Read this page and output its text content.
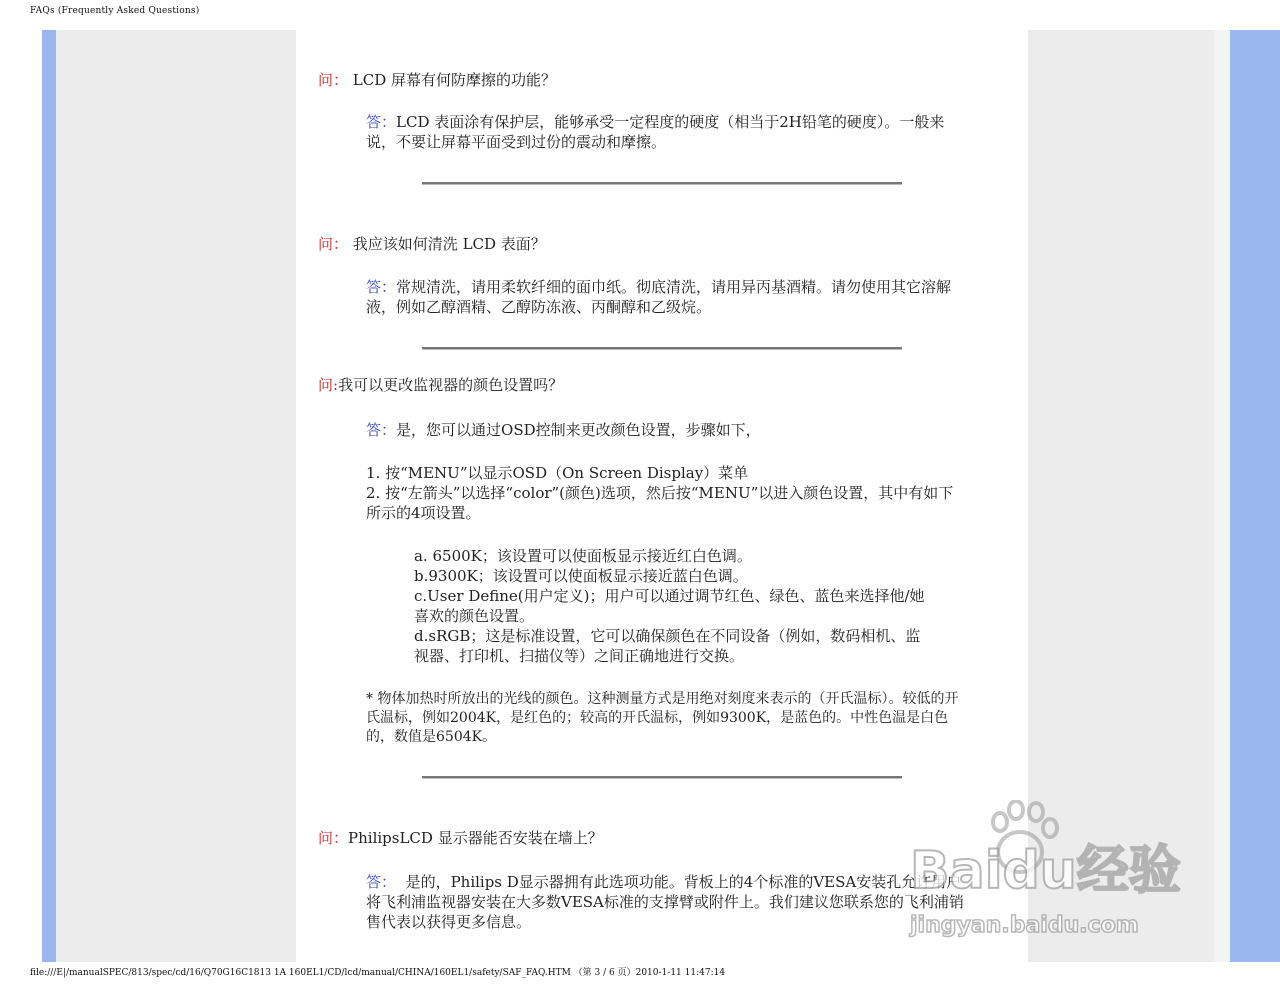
FAQs (Frequently Asked Questions)
问： LCD 屏幕有何防摩擦的功能？
答：LCD 表面涂有保护层，能够承受一定程度的硬度（相当于2H铅笔的硬度）。一般来说，不要让屏幕平面受到过份的震动和摩擦。
问： 我应该如何清洗 LCD 表面？
答：常规清洗，请用柔软纤细的面巾纸。彻底清洗，请用异丙基酒精。请勿使用其它溶解液，例如乙醇酒精、乙醇防冻液、丙酮醇和乙级烷。
问:我可以更改监视器的颜色设置吗？
答：是，您可以通过OSD控制来更改颜色设置，步骤如下，
1. 按“MENU”以显示OSD（On Screen Display）菜单
2. 按“左箭头”以选择“color”(颜色)选项，然后按“MENU”以进入颜色设置，其中有如下所示的4项设置。
a. 6500K；该设置可以使面板显示接近红白色调。
b.9300K；该设置可以使面板显示接近蓝白色调。
c.User Define(用户定义)；用户可以通过调节红色、绿色、蓝色来选择他/她喜欢的颜色设置。
d.sRGB；这是标准设置，它可以确保颜色在不同设备（例如，数码相机、监视器、打印机、扫描仪等）之间正确地进行交换。
* 物体加热时所放出的光线的颜色。这种测量方式是用绝对刻度来表示的（开氏温标）。较低的开氏温标，例如2004K，是红色的；较高的开氏温标，例如9300K，是蓝色的。中性色温是白色的，数值是6504K。
问：PhilipsLCD 显示器能否安装在墙上？
答： 是的，Philips D显示器拥有此选项功能。背板上的4个标准的VESA安装孔允许用户将飞利浦监视器安装在大多数VESA标准的支撑臂或附件上。我们建议您联系您的飞利浦销售代表以获得更多信息。
Baidu经验
jingyan.baidu.com
file:///E|/manualSPEC/813/spec/cd/16/Q70G16C1813 1A 160EL1/CD/lcd/manual/CHINA/160EL1/safety/SAF_FAQ.HTM （第 3 / 6 页）2010-1-11 11:47:14
